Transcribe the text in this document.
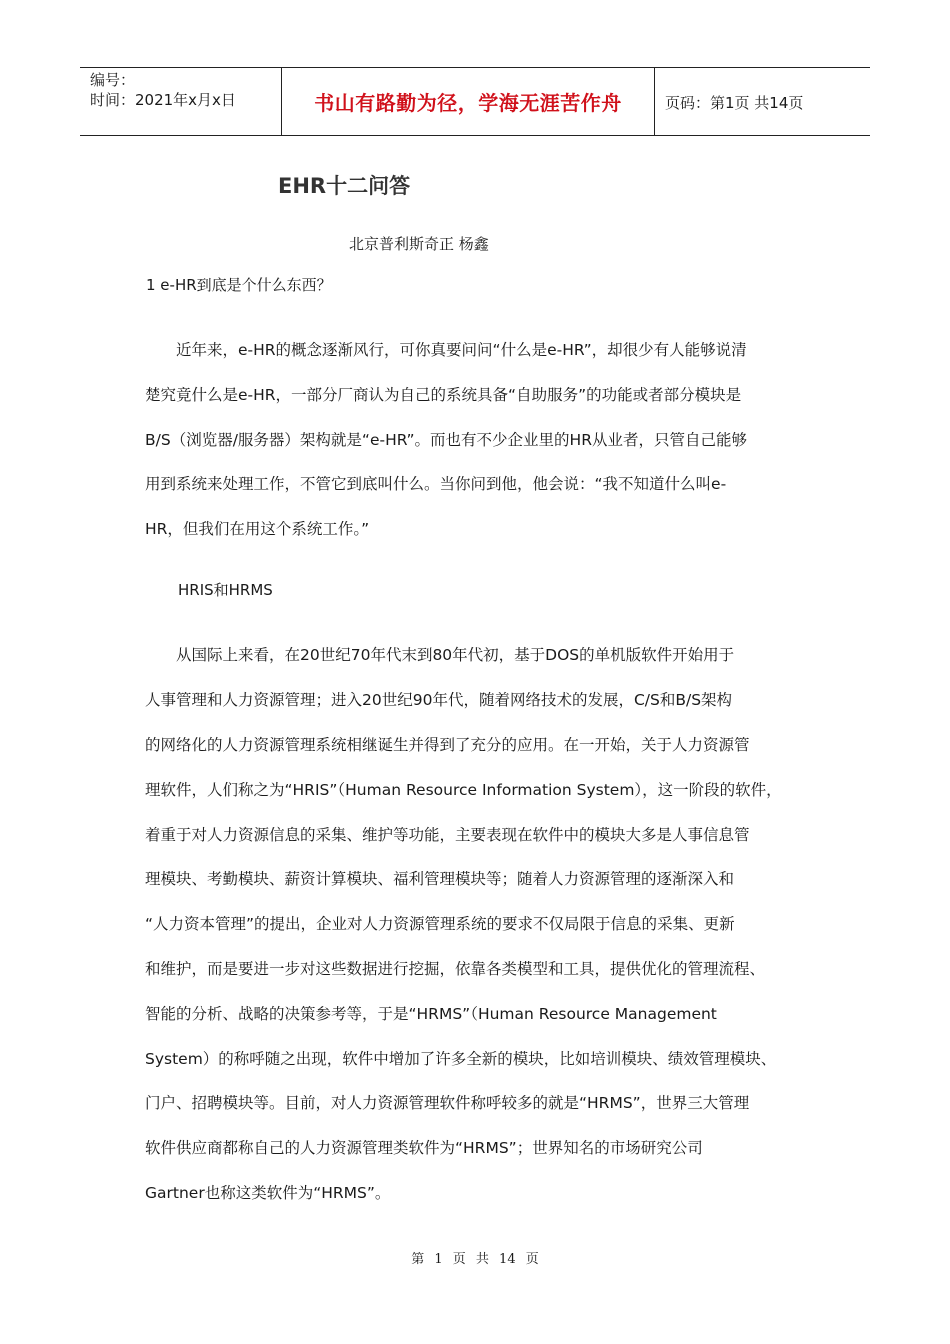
编号：
时间：2021年x月x日	书山有路勤为径，学海无涯苦作舟	页码：第1页 共14页
EHR十二问答
北京普利斯奇正 杨鑫
1 e-HR到底是个什么东西？
　　近年来，e-HR的概念逐渐风行，可你真要问问“什么是e-HR”，却很少有人能够说清
楚究竟什么是e-HR，一部分厂商认为自己的系统具备“自助服务”的功能或者部分模块是
B/S（浏览器/服务器）架构就是“e-HR”。而也有不少企业里的HR从业者，只管自己能够
用到系统来处理工作，不管它到底叫什么。当你问到他，他会说：“我不知道什么叫e-
HR，但我们在用这个系统工作。”
HRIS和HRMS
　　从国际上来看，在20世纪70年代末到80年代初，基于DOS的单机版软件开始用于
人事管理和人力资源管理；进入20世纪90年代，随着网络技术的发展，C/S和B/S架构
的网络化的人力资源管理系统相继诞生并得到了充分的应用。在一开始，关于人力资源管
理软件，人们称之为“HRIS”（Human Resource Information System），这一阶段的软件，
着重于对人力资源信息的采集、维护等功能，主要表现在软件中的模块大多是人事信息管
理模块、考勤模块、薪资计算模块、福利管理模块等；随着人力资源管理的逐渐深入和
“人力资本管理”的提出，企业对人力资源管理系统的要求不仅局限于信息的采集、更新
和维护，而是要进一步对这些数据进行挖掘，依靠各类模型和工具，提供优化的管理流程、
智能的分析、战略的决策参考等，于是“HRMS”（Human Resource Management
System）的称呼随之出现，软件中增加了许多全新的模块，比如培训模块、绩效管理模块、
门户、招聘模块等。目前，对人力资源管理软件称呼较多的就是“HRMS”，世界三大管理
软件供应商都称自己的人力资源管理类软件为“HRMS”；世界知名的市场研究公司
Gartner也称这类软件为“HRMS”。
第 1 页 共 14 页
